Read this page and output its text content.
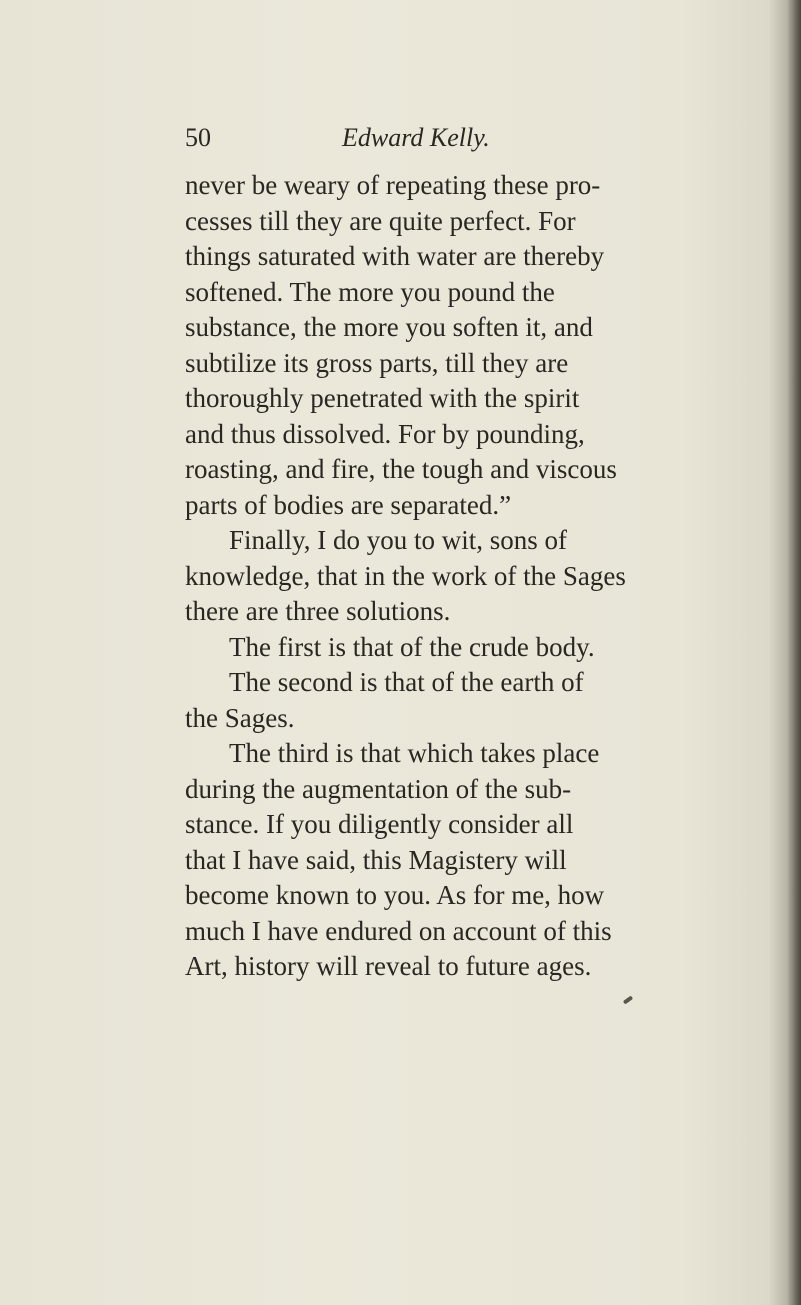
50	Edward Kelly.
never be weary of repeating these pro-
cesses till they are quite perfect. For
things saturated with water are thereby
softened. The more you pound the
substance, the more you soften it, and
subtilize its gross parts, till they are
thoroughly penetrated with the spirit
and thus dissolved. For by pounding,
roasting, and fire, the tough and viscous
parts of bodies are separated.”
Finally, I do you to wit, sons of
knowledge, that in the work of the Sages
there are three solutions.
The first is that of the crude body.
The second is that of the earth of
the Sages.
The third is that which takes place
during the augmentation of the sub-
stance. If you diligently consider all
that I have said, this Magistery will
become known to you. As for me, how
much I have endured on account of this
Art, history will reveal to future ages.
